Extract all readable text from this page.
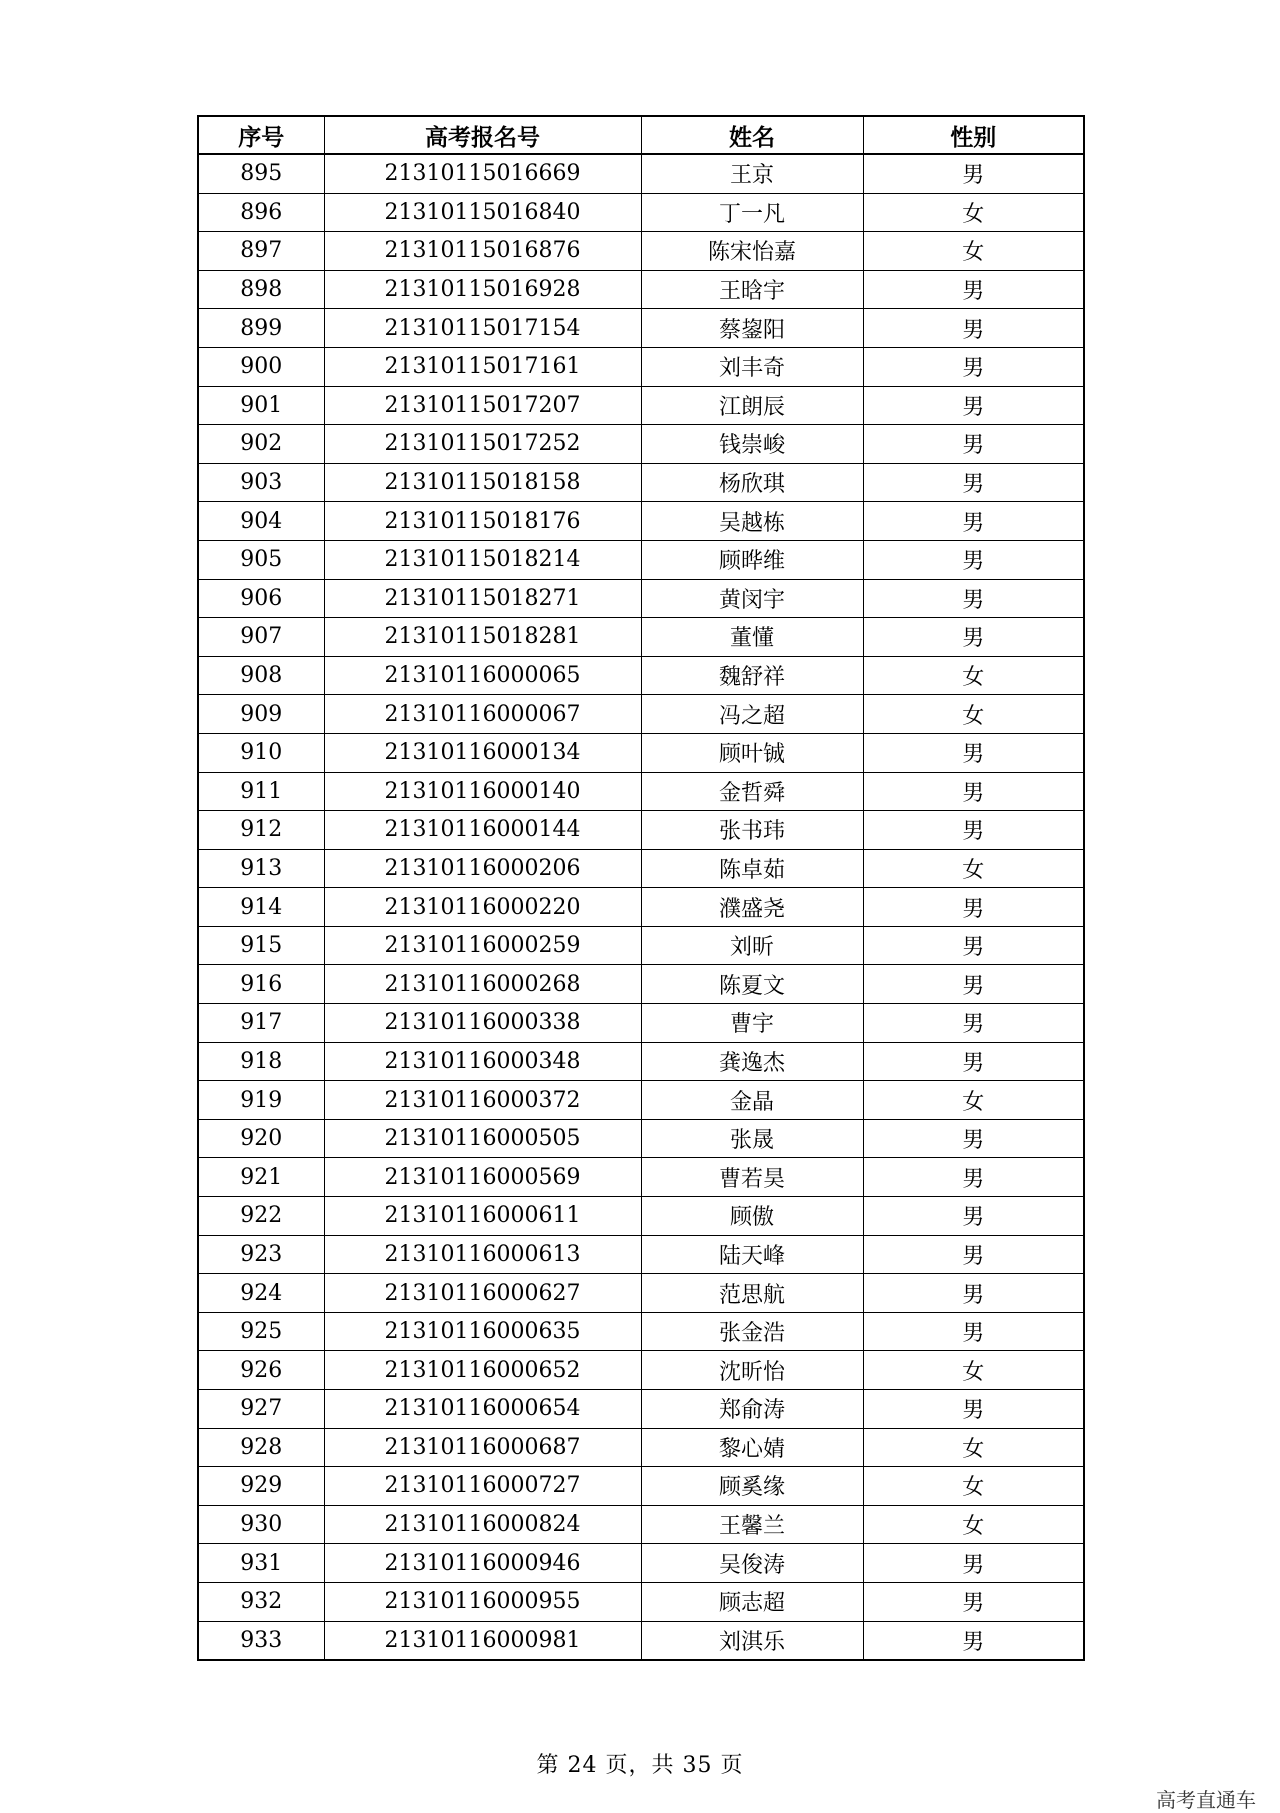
序号	高考报名号	姓名	性别
895	21310115016669	王京	男
896	21310115016840	丁一凡	女
897	21310115016876	陈宋怡嘉	女
898	21310115016928	王晗宇	男
899	21310115017154	蔡鋆阳	男
900	21310115017161	刘丰奇	男
901	21310115017207	江朗辰	男
902	21310115017252	钱崇峻	男
903	21310115018158	杨欣琪	男
904	21310115018176	吴越栋	男
905	21310115018214	顾晔维	男
906	21310115018271	黄闵宇	男
907	21310115018281	董懂	男
908	21310116000065	魏舒祥	女
909	21310116000067	冯之超	女
910	21310116000134	顾叶铖	男
911	21310116000140	金哲舜	男
912	21310116000144	张书玮	男
913	21310116000206	陈卓茹	女
914	21310116000220	濮盛尧	男
915	21310116000259	刘昕	男
916	21310116000268	陈夏文	男
917	21310116000338	曹宇	男
918	21310116000348	龚逸杰	男
919	21310116000372	金晶	女
920	21310116000505	张晟	男
921	21310116000569	曹若昊	男
922	21310116000611	顾傲	男
923	21310116000613	陆天峰	男
924	21310116000627	范思航	男
925	21310116000635	张金浩	男
926	21310116000652	沈昕怡	女
927	21310116000654	郑俞涛	男
928	21310116000687	黎心婧	女
929	21310116000727	顾奚缘	女
930	21310116000824	王馨兰	女
931	21310116000946	吴俊涛	男
932	21310116000955	顾志超	男
933	21310116000981	刘淇乐	男
第 24 页，共 35 页
高考直通车
